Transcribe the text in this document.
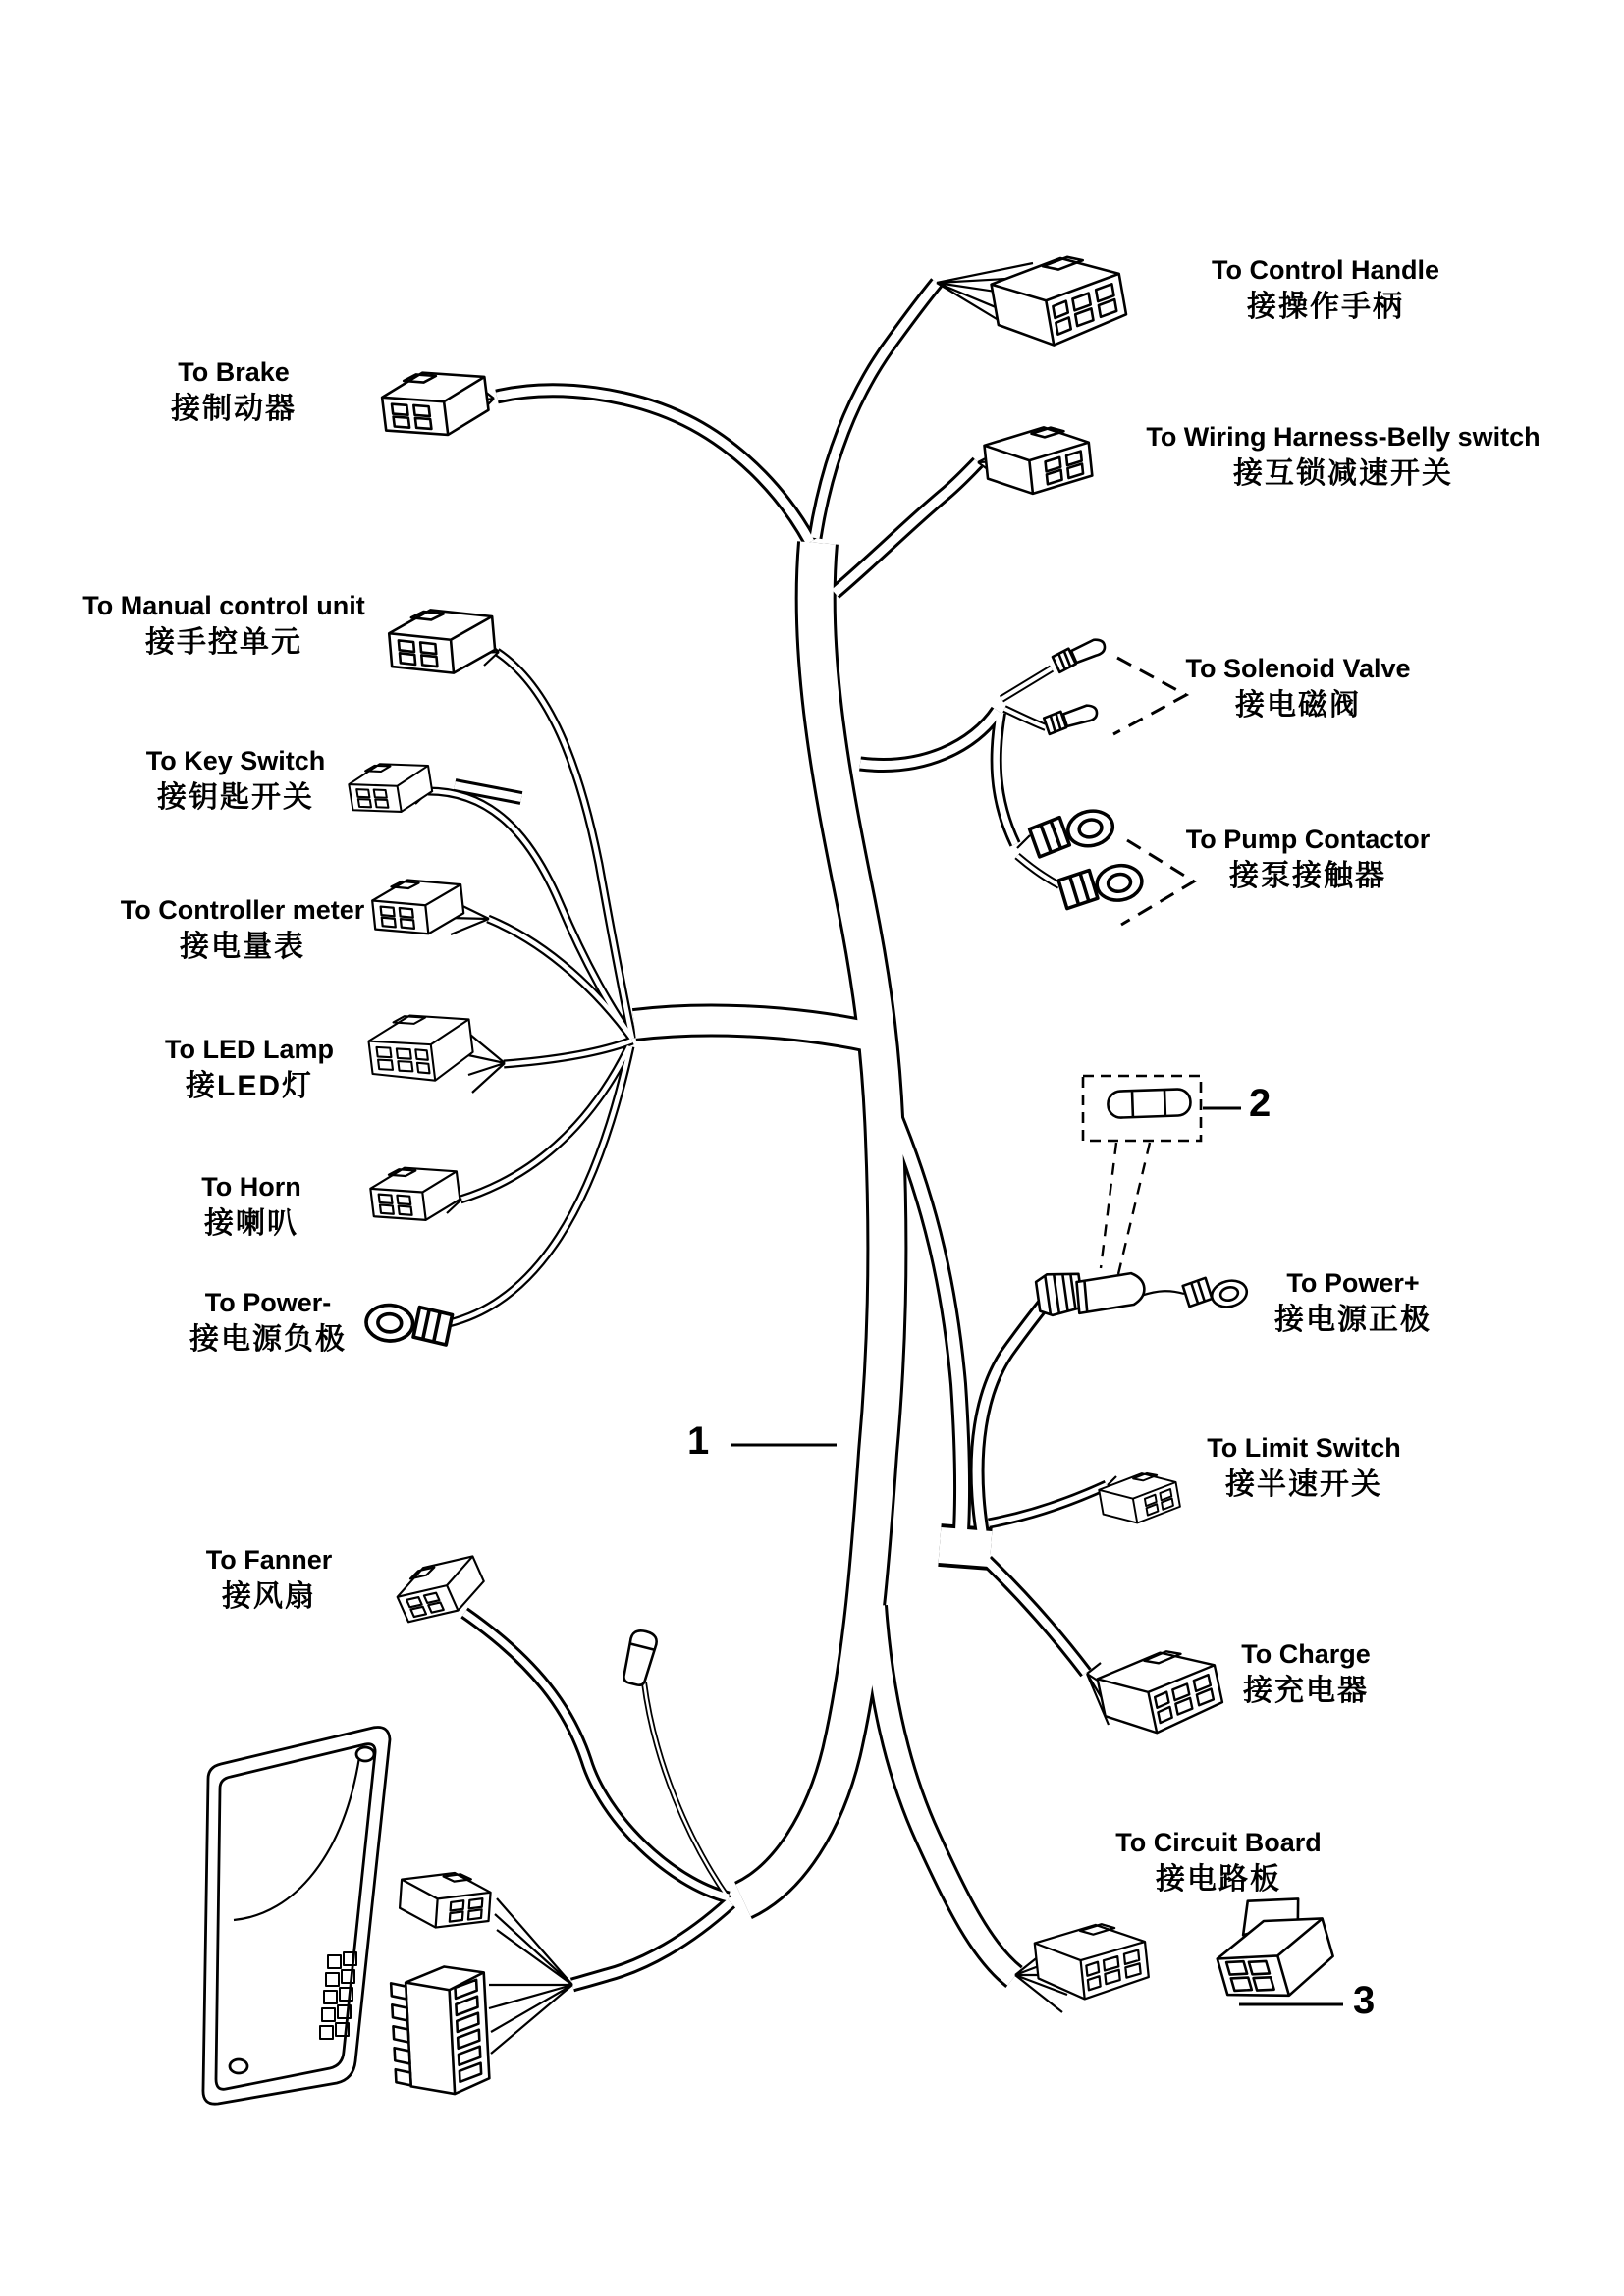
To Control Handle
接操作手柄
To Wiring Harness-Belly switch
接互锁减速开关
To Brake
接制动器
To Manual control unit
接手控单元
To Key Switch
接钥匙开关
To Controller meter
接电量表
To LED Lamp
接LED灯
To Horn
接喇叭
To Power-
接电源负极
To Solenoid Valve
接电磁阀
To Pump Contactor
接泵接触器
To Power+
接电源正极
To Limit Switch
接半速开关
To Charge
接充电器
To Fanner
接风扇
To Circuit Board
接电路板
1
2
3
